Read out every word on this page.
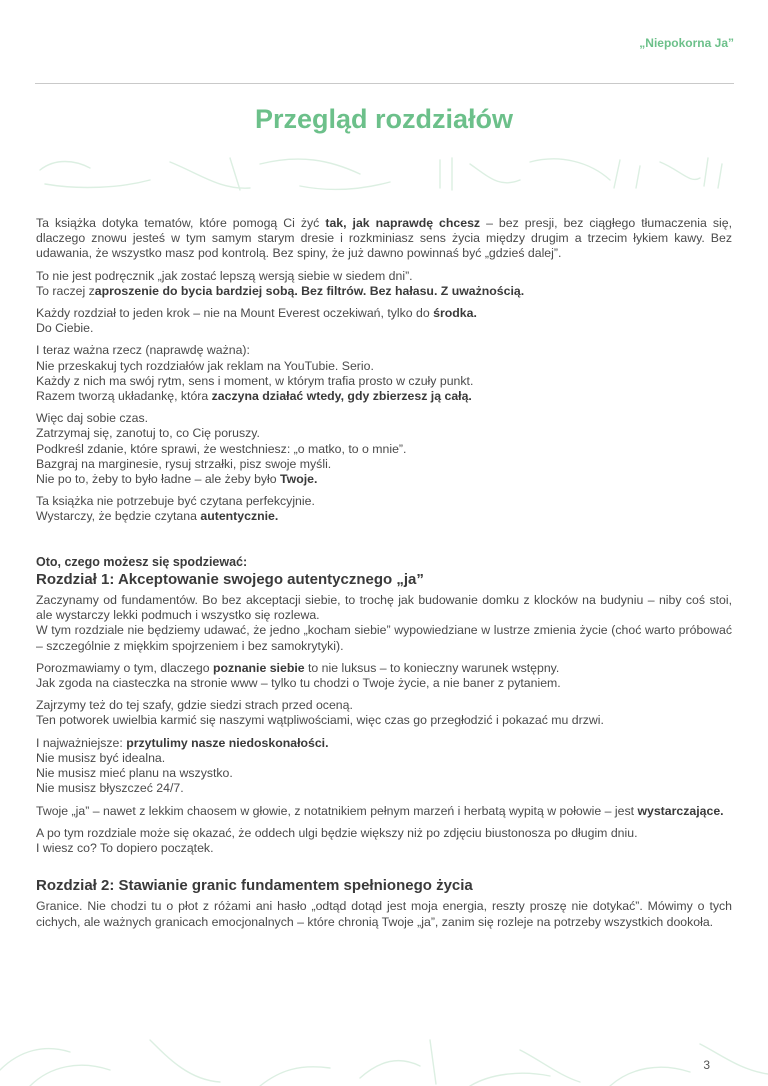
„Niepokorna Ja”
Przegląd rozdziałów

Ta książka dotyka tematów, które pomogą Ci żyć tak, jak naprawdę chcesz – bez presji, bez ciągłego tłumaczenia się, dlaczego znowu jesteś w tym samym starym dresie i rozkminiasz sens życia między drugim a trzecim łykiem kawy. Bez udawania, że wszystko masz pod kontrolą. Bez spiny, że już dawno powinnaś być „gdzieś dalej”.

To nie jest podręcznik „jak zostać lepszą wersją siebie w siedem dni”.
To raczej zaproszenie do bycia bardziej sobą. Bez filtrów. Bez hałasu. Z uważnością.

Każdy rozdział to jeden krok – nie na Mount Everest oczekiwań, tylko do środka.
Do Ciebie.

I teraz ważna rzecz (naprawdę ważna):
Nie przeskakuj tych rozdziałów jak reklam na YouTubie. Serio.
Każdy z nich ma swój rytm, sens i moment, w którym trafia prosto w czuły punkt.
Razem tworzą układankę, która zaczyna działać wtedy, gdy zbierzesz ją całą.

Więc daj sobie czas.
Zatrzymaj się, zanotuj to, co Cię poruszy.
Podkreśl zdanie, które sprawi, że westchniesz: „o matko, to o mnie”.
Bazgraj na marginesie, rysuj strzałki, pisz swoje myśli.
Nie po to, żeby to było ładne – ale żeby było Twoje.

Ta książka nie potrzebuje być czytana perfekcyjnie.
Wystarczy, że będzie czytana autentycznie.

Oto, czego możesz się spodziewać:
Rozdział 1: Akceptowanie swojego autentycznego „ja”

Zaczynamy od fundamentów. Bo bez akceptacji siebie, to trochę jak budowanie domku z klocków na budyniu – niby coś stoi, ale wystarczy lekki podmuch i wszystko się rozlewa.
W tym rozdziale nie będziemy udawać, że jedno „kocham siebie” wypowiedziane w lustrze zmienia życie (choć warto próbować – szczególnie z miękkim spojrzeniem i bez samokrytyki).

Porozmawiamy o tym, dlaczego poznanie siebie to nie luksus – to konieczny warunek wstępny.
Jak zgoda na ciasteczka na stronie www – tylko tu chodzi o Twoje życie, a nie baner z pytaniem.

Zajrzymy też do tej szafy, gdzie siedzi strach przed oceną.
Ten potworek uwielbia karmić się naszymi wątpliwościami, więc czas go przegłodzić i pokazać mu drzwi.

I najważniejsze: przytulimy nasze niedoskonałości.
Nie musisz być idealna.
Nie musisz mieć planu na wszystko.
Nie musisz błyszczeć 24/7.

Twoje „ja” – nawet z lekkim chaosem w głowie, z notatnikiem pełnym marzeń i herbatą wypitą w połowie – jest wystarczające.

A po tym rozdziale może się okazać, że oddech ulgi będzie większy niż po zdjęciu biustonosza po długim dniu.
I wiesz co? To dopiero początek.

Rozdział 2: Stawianie granic fundamentem spełnionego życia

Granice. Nie chodzi tu o płot z różami ani hasło „odtąd dotąd jest moja energia, reszty proszę nie dotykać”. Mówimy o tych cichych, ale ważnych granicach emocjonalnych – które chronią Twoje „ja”, zanim się rozleje na potrzeby wszystkich dookoła.

3
